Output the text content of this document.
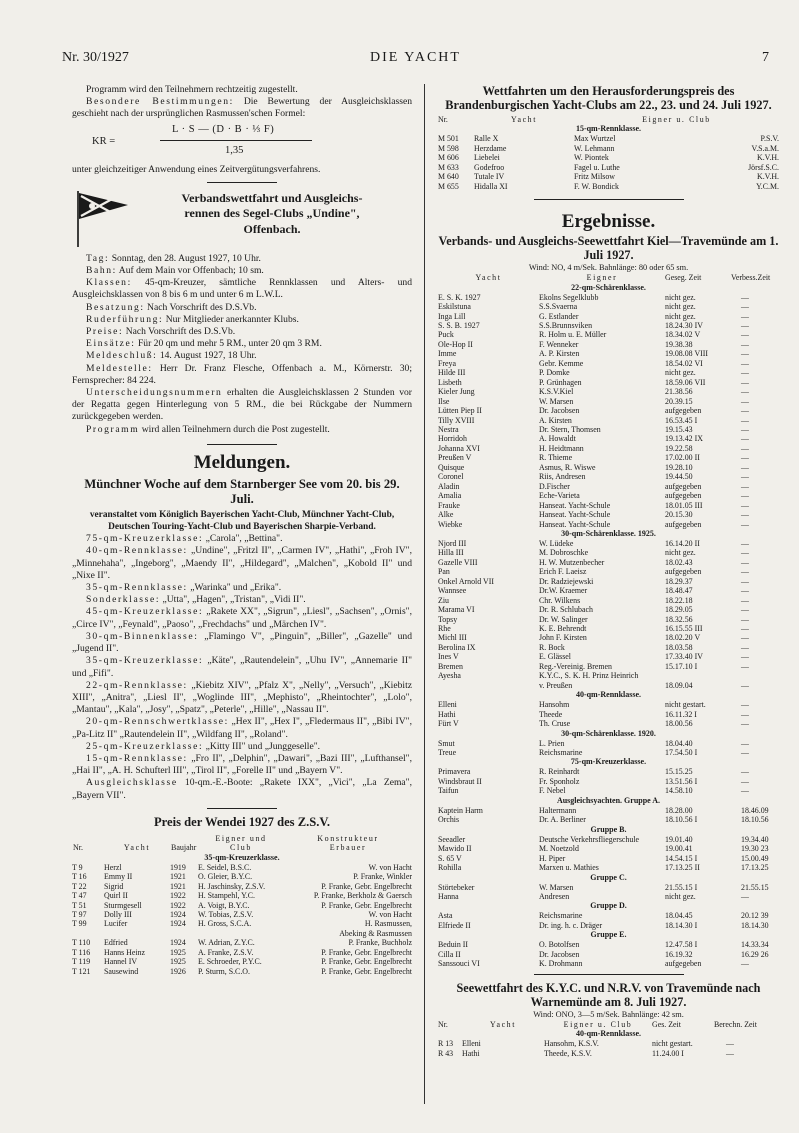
Nr. 30/1927	DIE YACHT	7

Programm wird den Teilnehmern rechtzeitig zugestellt.

Besondere Bestimmungen: Die Bewertung der Ausgleichsklassen geschieht nach der ursprünglichen Rasmussen'schen Formel:

KR =
L · S — (D · B · ⅓ F)
1,35

unter gleichzeitiger Anwendung eines Zeitvergütungsverfahrens.

Verbandswettfahrt und Ausgleichs-
rennen des Segel-Clubs „Undine",
Offenbach.

Tag: Sonntag, den 28. August 1927, 10 Uhr.

Bahn: Auf dem Main vor Offenbach; 10 sm.

Klassen: 45-qm-Kreuzer, sämtliche Rennklassen und Alters- und Ausgleichsklassen von 8 bis 6 m und unter 6 m L.W.L.

Besatzung: Nach Vorschrift des D.S.Vb.

Ruderführung: Nur Mitglieder anerkannter Klubs.

Preise: Nach Vorschrift des D.S.Vb.

Einsätze: Für 20 qm und mehr 5 RM., unter 20 qm 3 RM.

Meldeschluß: 14. August 1927, 18 Uhr.

Meldestelle: Herr Dr. Franz Flesche, Offenbach a. M., Körnerstr. 30; Fernsprecher: 84 224.

Unterscheidungsnummern erhalten die Ausgleichsklassen 2 Stunden vor der Regatta gegen Hinterlegung von 5 RM., die bei Rückgabe der Nummern zurückgegeben werden.

Programm wird allen Teilnehmern durch die Post zugestellt.

Meldungen.
Münchner Woche auf dem Starnberger See vom 20. bis 29. Juli.

veranstaltet vom Königlich Bayerischen Yacht-Club, Münchner Yacht-Club, Deutschen Touring-Yacht-Club und Bayerischen Sharpie-Verband.

75-qm-Kreuzerklasse: „Carola", „Bettina".

40-qm-Rennklasse: „Undine", „Fritzl II", „Carmen IV", „Hathi", „Froh IV", „Minnehaha", „Ingeborg", „Maendy II", „Hildegard", „Malchen", „Kobold II" und „Nixe II".

35-qm-Rennklasse: „Warinka" und „Erika".

Sonderklasse: „Utta", „Hagen", „Tristan", „Vidi II".

45-qm-Kreuzerklasse: „Rakete XX", „Sigrun", „Liesl", „Sachsen", „Ornis", „Circe IV", „Feynald", „Paoso", „Frechdachs" und „Märchen IV".

30-qm-Binnenklasse: „Flamingo V", „Pinguin", „Biller", „Gazelle" und „Jugend II".

35-qm-Kreuzerklasse: „Käte", „Rautendelein", „Uhu IV", „Annemarie II" und „Fifi".

22-qm-Rennklasse: „Kiebitz XIV", „Pfalz X", „Nelly", „Versuch", „Kiebitz XIII", „Anitra", „Liesl II", „Woglinde III", „Mephisto", „Rheintochter", „Lolo", „Mantau", „Kala", „Josy", „Spatz", „Peterle", „Hille", „Nassau II".

20-qm-Rennschwertklasse: „Hex II", „Hex I", „Fledermaus II", „Bibi IV", „Pa-Litz II" „Rautendelein II", „Wildfang II", „Roland".

25-qm-Kreuzerklasse: „Kitty III" und „Junggeselle".

15-qm-Rennklasse: „Fro II", „Delphin", „Dawari", „Bazi III", „Lufthansel", „Hai II", „A. H. Schufterl III", „Tirol II", „Forelle II" und „Bayern V".

Ausgleichsklasse 10-qm.-E.-Boote: „Rakete IXX", „Vici", „La Zema", „Bayern VII".

Preis der Wendei 1927 des Z.S.V.
Nr.	Yacht	Baujahr	Eigner und
Club	Konstrukteur
Erbauer
35-qm-Kreuzerklasse.				
T 9	Herzl	1919	E. Seidel, B.S.C.	W. von Hacht
T 16	Emmy II	1921	O. Gleier, B.Y.C.	P. Franke, Winkler
T 22	Sigrid	1921	H. Jaschinsky, Z.S.V.	P. Franke, Gebr. Engelbrecht
T 47	Quirl II	1922	H. Stampehl, Y.C.	P. Franke, Berkholz & Gaersch
T 51	Sturmgesell	1922	A. Voigt, B.Y.C.	P. Franke, Gebr. Engelbrecht
T 97	Dolly III	1924	W. Tobias, Z.S.V.	W. von Hacht
T 99	Lucifer	1924	H. Gross, S.C.A.	H. Rasmussen,
				Abeking & Rasmussen
T 110	Edfried	1924	W. Adrian, Z.Y.C.	P. Franke, Buchholz
T 116	Hanns Heinz	1925	A. Franke, Z.S.V.	P. Franke, Gebr. Engelbrecht
T 119	Hannel IV	1925	E. Schroeder, P.Y.C.	P. Franke, Gebr. Engelbrecht
T 121	Sausewind	1926	P. Sturm, S.C.O.	P. Franke, Gebr. Engelbrecht
Wettfahrten um den Herausforderungspreis des Brandenburgischen Yacht-Clubs am 22., 23. und 24. Juli 1927.
Nr.	Yacht	Eigner u. Club	
15-qm-Rennklasse.			
M 501	Ralle X	Max Wurtzel	P.S.V.
M 598	Herzdame	W. Lehmann	V.S.a.M.
M 606	Liebelei	W. Piontek	K.V.H.
M 633	Godefroo	Fagel u. Luthe	Jörsf.S.C.
M 640	Tutale IV	Fritz Milsow	K.V.H.
M 655	Hidalla XI	F. W. Bondick	Y.C.M.
Ergebnisse.
Verbands- und Ausgleichs-Seewettfahrt Kiel—Travemünde am 1. Juli 1927.
Wind: NO, 4 m/Sek. Bahnlänge: 80 oder 65 sm.
Yacht	Eigner	Geseg. Zeit	Verbess.Zeit
22-qm-Schärenklasse.			
E. S. K. 1927	Ekolns Segelklubb	nicht gez.	—
Eskilstuna	S.S.Svaerna	nicht gez.	—
Inga Lill	G. Estlander	nicht gez.	—
S. S. B. 1927	S.S.Brunnsviken	18.24.30 IV	—
Puck	R. Holm u. E. Müller	18.34.02 V	—
Ole-Hop II	F. Wenneker	19.38.38	—
Imme	A. P. Kirsten	19.08.08 VIII	—
Freya	Gebr. Kemme	18.54.02 VI	—
Hilde III	P. Domke	nicht gez.	—
Lisbeth	P. Grünhagen	18.59.06 VII	—
Kieler Jung	K.S.V.Kiel	21.38.56	—
Ilse	W. Marsen	20.39.15	—
Lütten Piep II	Dr. Jacobsen	aufgegeben	—
Tilly XVIII	A. Kirsten	16.53.45 I	—
Nestra	Dr. Stern, Thomsen	19.15.43	—
Horridoh	A. Howaldt	19.13.42 IX	—
Johanna XVI	H. Heidtmann	19.22.58	—
Preußen V	R. Thieme	17.02.00 II	—
Quisque	Asmus, R. Wiswe	19.28.10	—
Coronel	Riis, Andresen	19.44.50	—
Aladin	D.Fischer	aufgegeben	—
Amalia	Eche-Varieta	aufgegeben	—
Frauke	Hanseat. Yacht-Schule	18.01.05 III	—
Alke	Hanseat. Yacht-Schule	20.15.30	—
Wiebke	Hanseat. Yacht-Schule	aufgegeben	—
30-qm-Schärenklasse. 1925.			
Njord III	W. Lüdeke	16.14.20 II	—
Hilla III	M. Dobroschke	nicht gez.	—
Gazelle VIII	H. W. Mutzenbecher	18.02.43	—
Pan	Erich F. Laeisz	aufgegeben	—
Onkel Arnold VII	Dr. Radziejewski	18.29.37	—
Wannsee	Dr.W. Kraemer	18.48.47	—
Ziu	Chr. Wilkens	18.22.18	—
Marama VI	Dr. R. Schlubach	18.29.05	—
Topsy	Dr. W. Salinger	18.32.56	—
Rhe	K. E. Behrendt	16.15.55 III	—
Michl III	John F. Kirsten	18.02.20 V	—
Berolina IX	R. Bock	18.03.58	—
Ines V	E. Glässel	17.33.40 IV	—
Bremen	Reg.-Vereinig. Bremen	15.17.10 I	—
Ayesha	K.Y.C., S. K. H. Prinz Heinrich		
	v. Preußen	18.09.04	—
40-qm-Rennklasse.			
Elleni	Hansohm	nicht gestart.	—
Hathi	Theede	16.11.32 I	—
Fürt V	Th. Cruse	18.00.56	—
30-qm-Schärenklasse. 1920.			
Smut	L. Prien	18.04.40	—
Treue	Reichsmarine	17.54.50 I	—
75-qm-Kreuzerklasse.			
Primavera	R. Reinhardt	15.15.25	—
Windsbraut II	Fr. Sponholz	13.51.56 I	—
Taifun	F. Nebel	14.58.10	—
Ausgleichsyachten. Gruppe A.			
Kaptein Harm	Haltermann	18.28.00	18.46.09
Orchis	Dr. A. Berliner	18.10.56 I	18.10.56
Gruppe B.			
Seeadler	Deutsche Verkehrsfliegerschule	19.01.40	19.34.40
Mawido II	M. Noetzold	19.00.41	19.30 23
S. 65 V	H. Piper	14.54.15 I	15.00.49
Rohilla	Marxen u. Mathies	17.13.25 II	17.13.25
Gruppe C.			
Störtebeker	W. Marsen	21.55.15 I	21.55.15
Hanna	Andresen	nicht gez.	—
Gruppe D.			
Asta	Reichsmarine	18.04.45	20.12 39
Elfriede II	Dr. ing. h. c. Dräger	18.14.30 I	18.14.30
Gruppe E.			
Beduin II	O. Botolfsen	12.47.58 I	14.33.34
Cilla II	Dr. Jacobsen	16.19.32	16.29 26
Sanssouci VI	K. Drohmann	aufgegeben	—
Seewettfahrt des K.Y.C. und N.R.V. von Travemünde nach Warnemünde am 8. Juli 1927.
Wind: ONO, 3—5 m/Sek. Bahnlänge: 42 sm.
Nr.	Yacht	Eigner u. Club	Ges. Zeit	Berechn. Zeit
40-qm-Rennklasse.				
R 13	Elleni	Hansohm, K.S.V.	nicht gestart.	—
R 43	Hathi	Theede, K.S.V.	11.24.00 I	—
